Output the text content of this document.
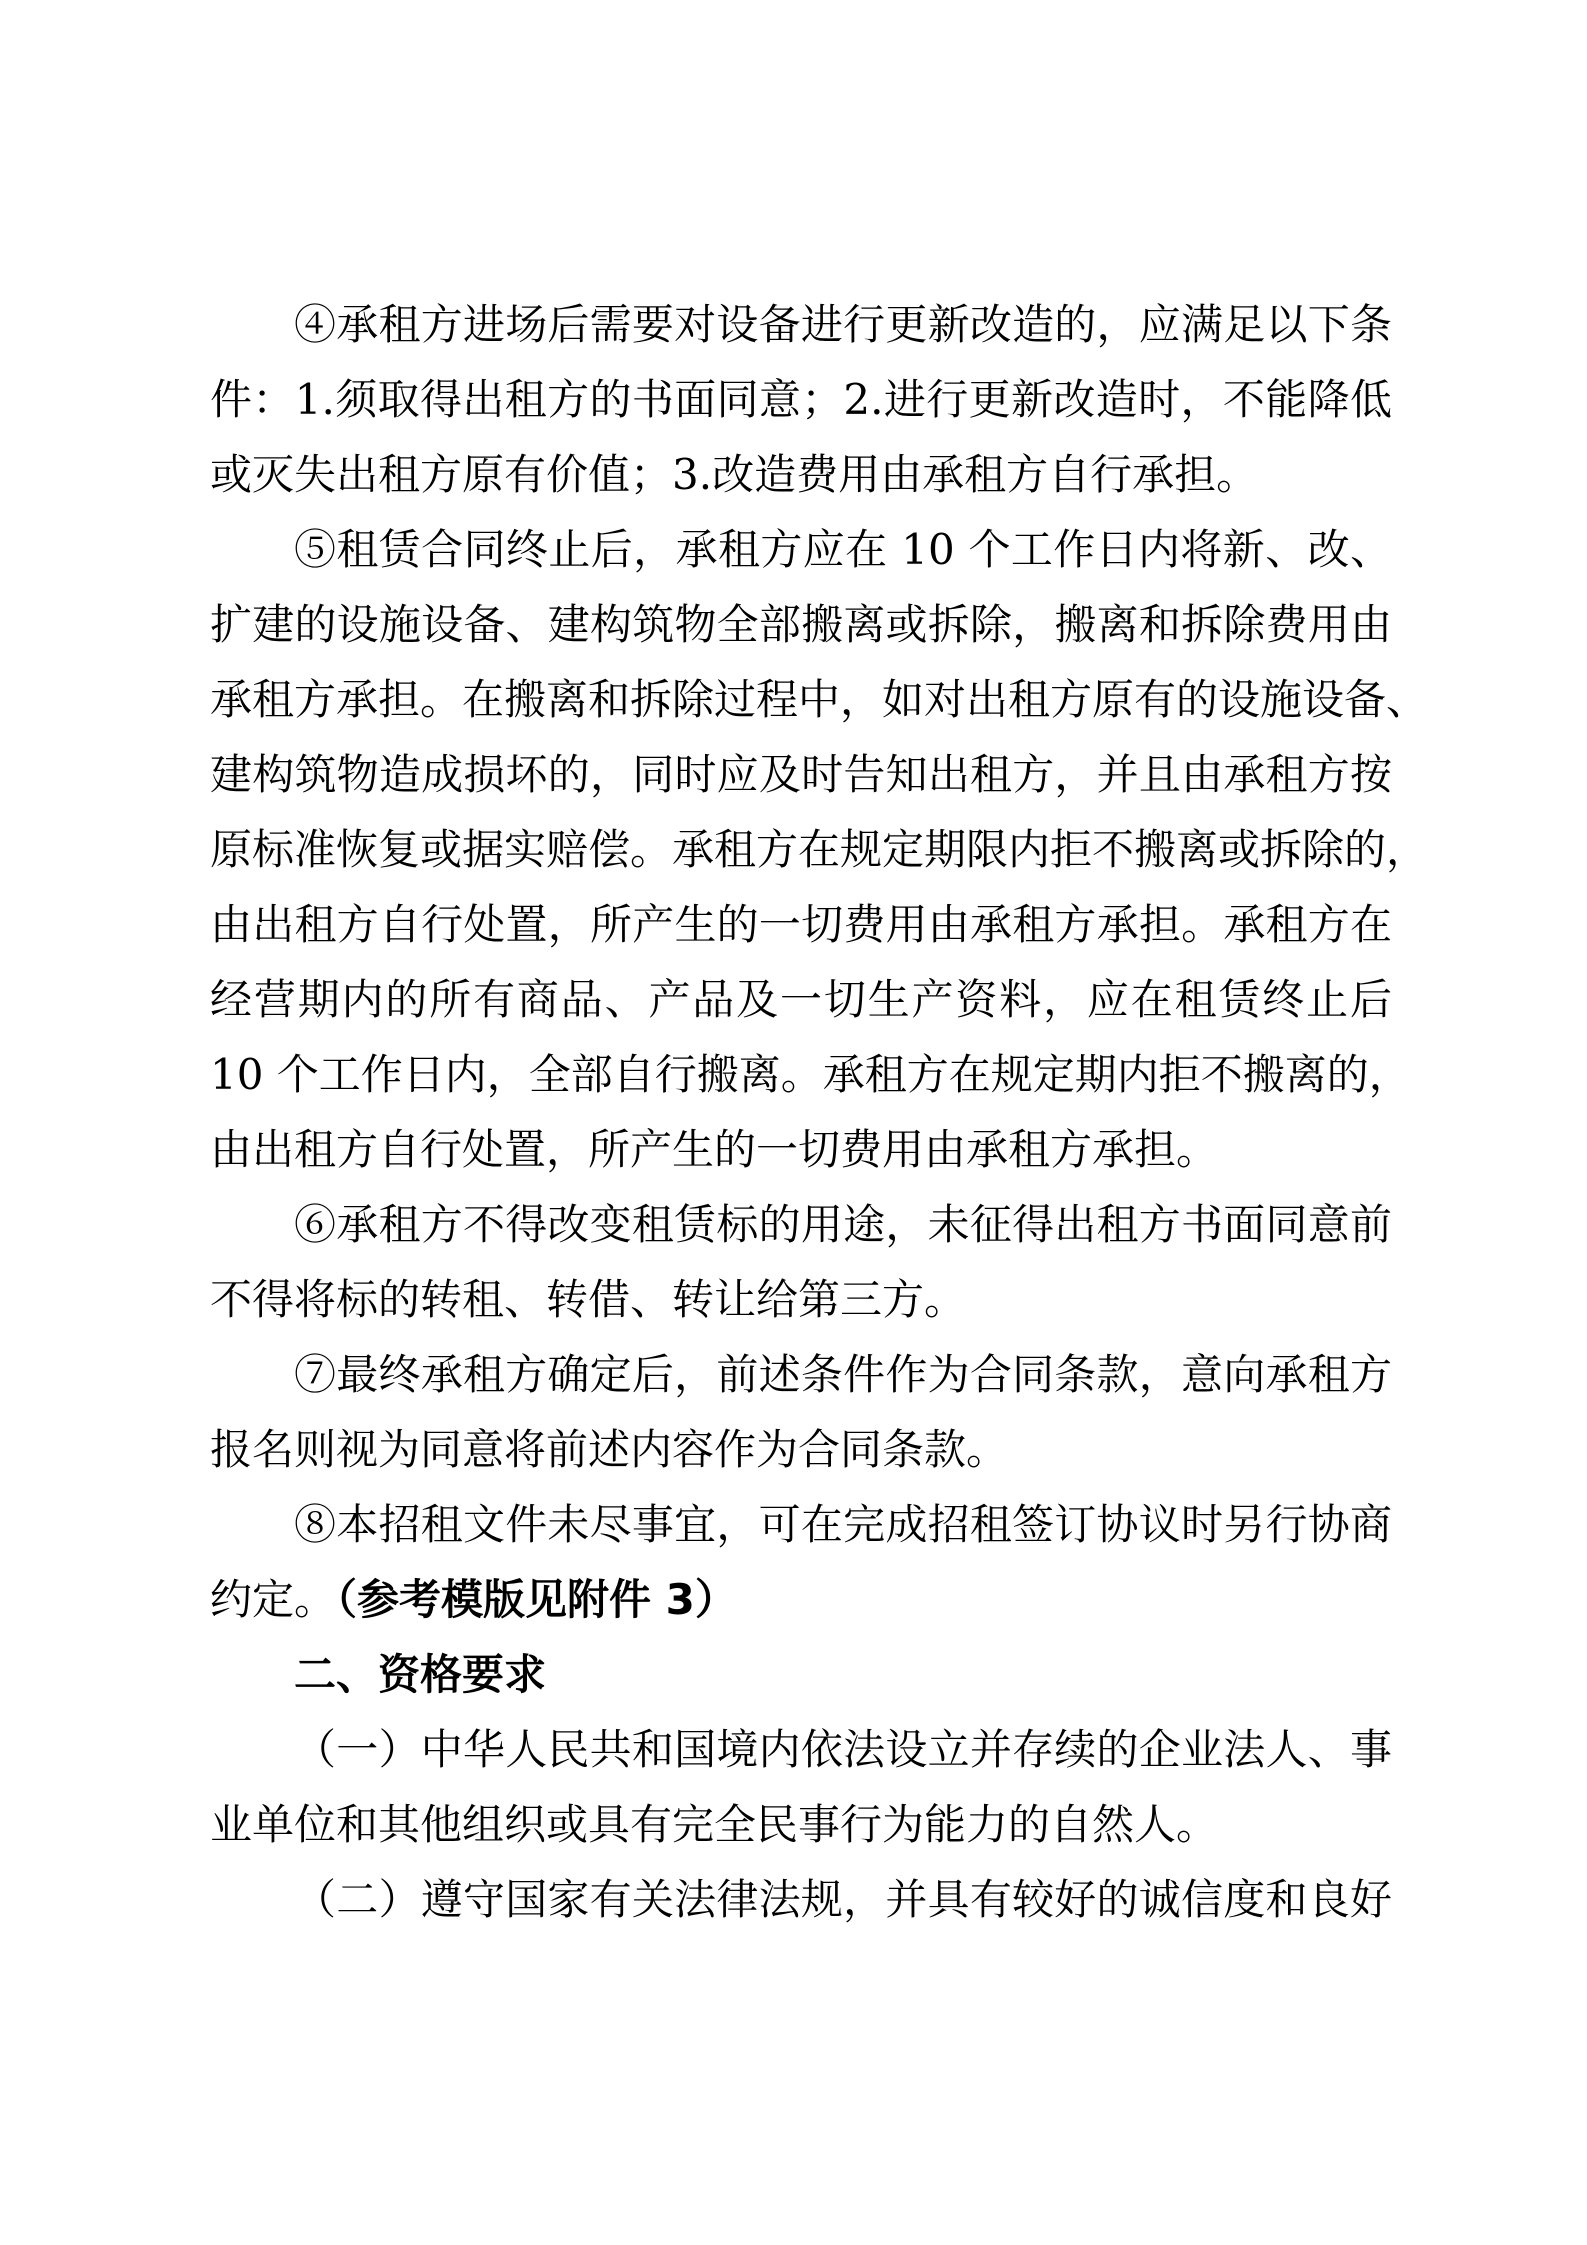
④承租方进场后需要对设备进行更新改造的，应满足以下条
件：1.须取得出租方的书面同意；2.进行更新改造时，不能降低
或灭失出租方原有价值；3.改造费用由承租方自行承担。
⑤租赁合同终止后，承租方应在 10 个工作日内将新、改、
扩建的设施设备、建构筑物全部搬离或拆除，搬离和拆除费用由
承租方承担。在搬离和拆除过程中，如对出租方原有的设施设备、
建构筑物造成损坏的，同时应及时告知出租方，并且由承租方按
原标准恢复或据实赔偿。承租方在规定期限内拒不搬离或拆除的，
由出租方自行处置，所产生的一切费用由承租方承担。承租方在
经营期内的所有商品、产品及一切生产资料，应在租赁终止后
10 个工作日内，全部自行搬离。承租方在规定期内拒不搬离的，
由出租方自行处置，所产生的一切费用由承租方承担。
⑥承租方不得改变租赁标的用途，未征得出租方书面同意前
不得将标的转租、转借、转让给第三方。
⑦最终承租方确定后，前述条件作为合同条款，意向承租方
报名则视为同意将前述内容作为合同条款。
⑧本招租文件未尽事宜，可在完成招租签订协议时另行协商
约定。（参考模版见附件 3）
二、资格要求
（一）中华人民共和国境内依法设立并存续的企业法人、事
业单位和其他组织或具有完全民事行为能力的自然人。
（二）遵守国家有关法律法规，并具有较好的诚信度和良好
